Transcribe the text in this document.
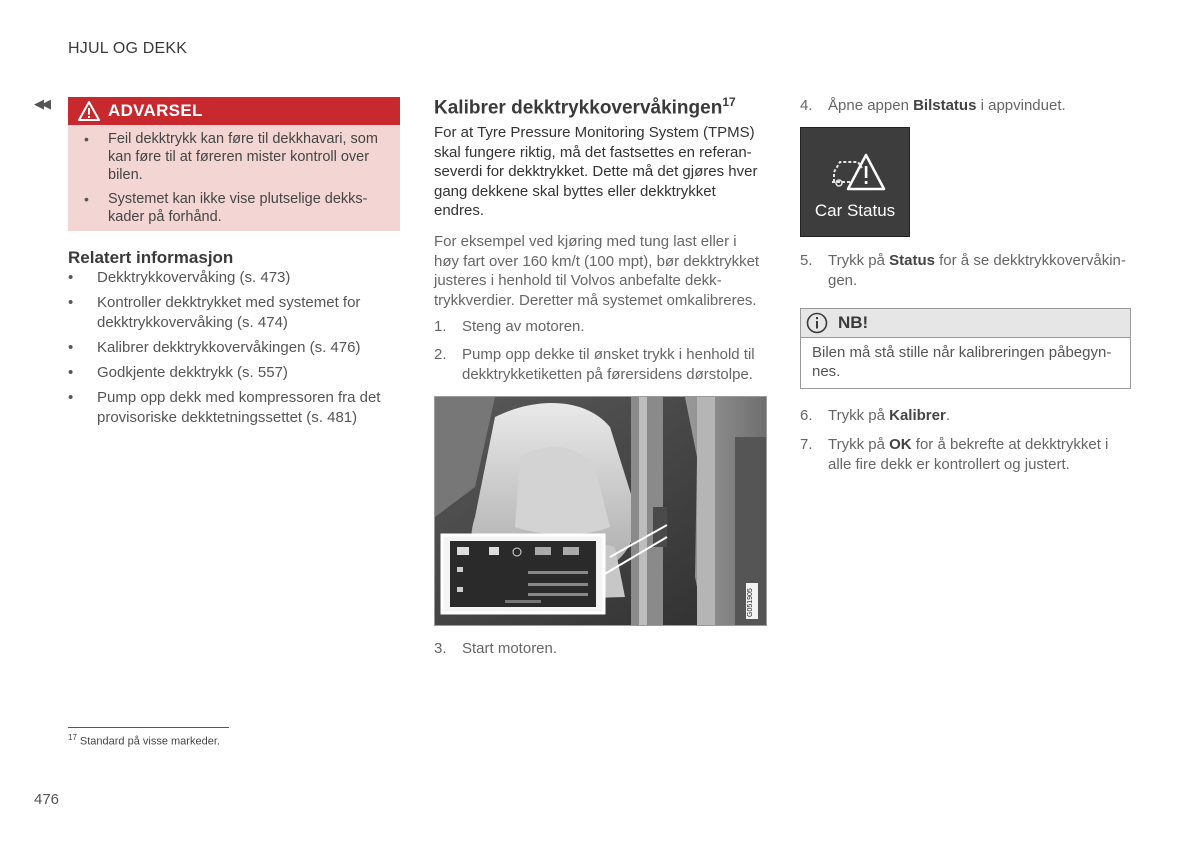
HJUL OG DEKK
◀◀	ADVARSEL
• Feil dekktrykk kan føre til dekkhavari, som kan føre til at føreren mister kontroll over bilen.
• Systemet kan ikke vise plutselige dekkskader på forhånd.
Relatert informasjon
• Dekktrykkovervåking (s. 473)
• Kontroller dekktrykket med systemet for dekktrykkovervåking (s. 474)
• Kalibrer dekktrykkovervåkingen (s. 476)
• Godkjente dekktrykk (s. 557)
• Pump opp dekk med kompressoren fra det provisoriske dekktetningssettet (s. 481)
Kalibrer dekktrykkovervåkingen$^{17}$

For at Tyre Pressure Monitoring System (TPMS) skal fungere riktig, må det fastsettes en referanseverdi for dekktrykket. Dette må det gjøres hver gang dekkene skal byttes eller dekktrykket endres.

For eksempel ved kjøring med tung last eller i høy fart over 160 km/t (100 mpt), bør dekktrykket justeres i henhold til Volvos anbefalte dekktrykkverdier. Deretter må systemet omkalibreres.

1. Steng av motoren.
2. Pump opp dekke til ønsket trykk i henhold til dekktrykketiketten på førersidens dørstolpe.
G051905
3. Start motoren.
4. Åpne appen Bilstatus i appvinduet.
Car Status
5. Trykk på Status for å se dekktrykkovervåkingen.
NB!
Bilen må stå stille når kalibreringen påbegynnes.
6. Trykk på Kalibrer.
7. Trykk på OK for å bekrefte at dekktrykket i alle fire dekk er kontrollert og justert.
$^{17}$ Standard på visse markeder.
476
